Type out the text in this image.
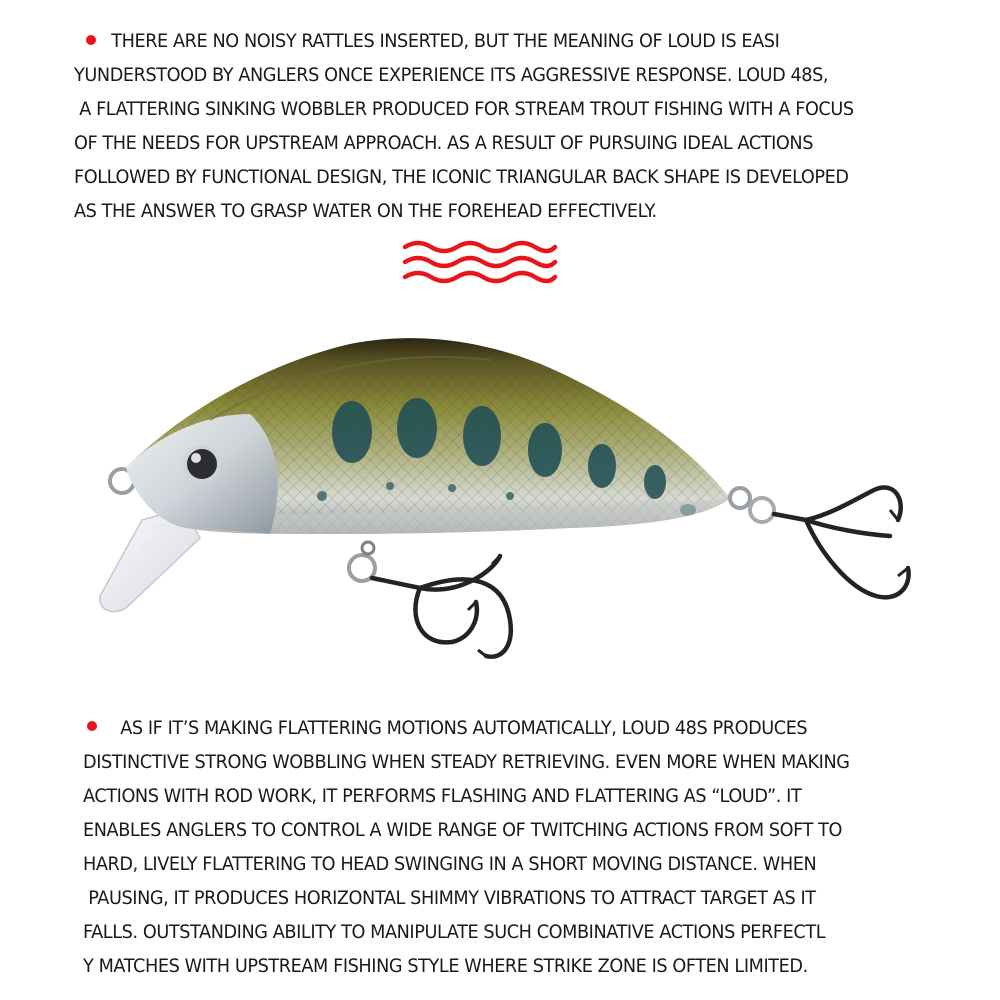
THERE ARE NO NOISY RATTLES INSERTED, BUT THE MEANING OF LOUD IS EASI
YUNDERSTOOD BY ANGLERS ONCE EXPERIENCE ITS AGGRESSIVE RESPONSE. LOUD 48S,
A FLATTERING SINKING WOBBLER PRODUCED FOR STREAM TROUT FISHING WITH A FOCUS
OF THE NEEDS FOR UPSTREAM APPROACH. AS A RESULT OF PURSUING IDEAL ACTIONS
FOLLOWED BY FUNCTIONAL DESIGN, THE ICONIC TRIANGULAR BACK SHAPE IS DEVELOPED
AS THE ANSWER TO GRASP WATER ON THE FOREHEAD EFFECTIVELY.
AS IF IT’S MAKING FLATTERING MOTIONS AUTOMATICALLY, LOUD 48S PRODUCES
DISTINCTIVE STRONG WOBBLING WHEN STEADY RETRIEVING. EVEN MORE WHEN MAKING
ACTIONS WITH ROD WORK, IT PERFORMS FLASHING AND FLATTERING AS “LOUD”. IT
ENABLES ANGLERS TO CONTROL A WIDE RANGE OF TWITCHING ACTIONS FROM SOFT TO
HARD, LIVELY FLATTERING TO HEAD SWINGING IN A SHORT MOVING DISTANCE. WHEN
PAUSING, IT PRODUCES HORIZONTAL SHIMMY VIBRATIONS TO ATTRACT TARGET AS IT
FALLS. OUTSTANDING ABILITY TO MANIPULATE SUCH COMBINATIVE ACTIONS PERFECTL
Y MATCHES WITH UPSTREAM FISHING STYLE WHERE STRIKE ZONE IS OFTEN LIMITED.
